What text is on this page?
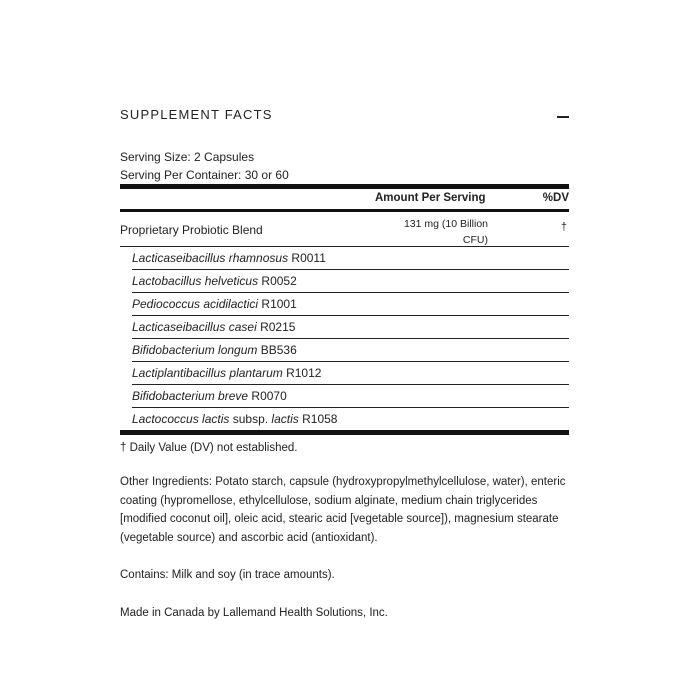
SUPPLEMENT FACTS
Serving Size: 2 Capsules
Serving Per Container: 30 or 60
Amount Per Serving	%DV
Proprietary Probiotic Blend	131 mg (10 Billion
CFU)
†
Lacticaseibacillus rhamnosus R0011
Lactobacillus helveticus R0052
Pediococcus acidilactici R1001
Lacticaseibacillus casei R0215
Bifidobacterium longum BB536
Lactiplantibacillus plantarum R1012
Bifidobacterium breve R0070
Lactococcus lactis subsp. lactis R1058
† Daily Value (DV) not established.
Other Ingredients: Potato starch, capsule (hydroxypropylmethylcellulose, water), enteric coating (hypromellose, ethylcellulose, sodium alginate, medium chain triglycerides [modified coconut oil], oleic acid, stearic acid [vegetable source]), magnesium stearate (vegetable source) and ascorbic acid (antioxidant).
Contains: Milk and soy (in trace amounts).
Made in Canada by Lallemand Health Solutions, Inc.
